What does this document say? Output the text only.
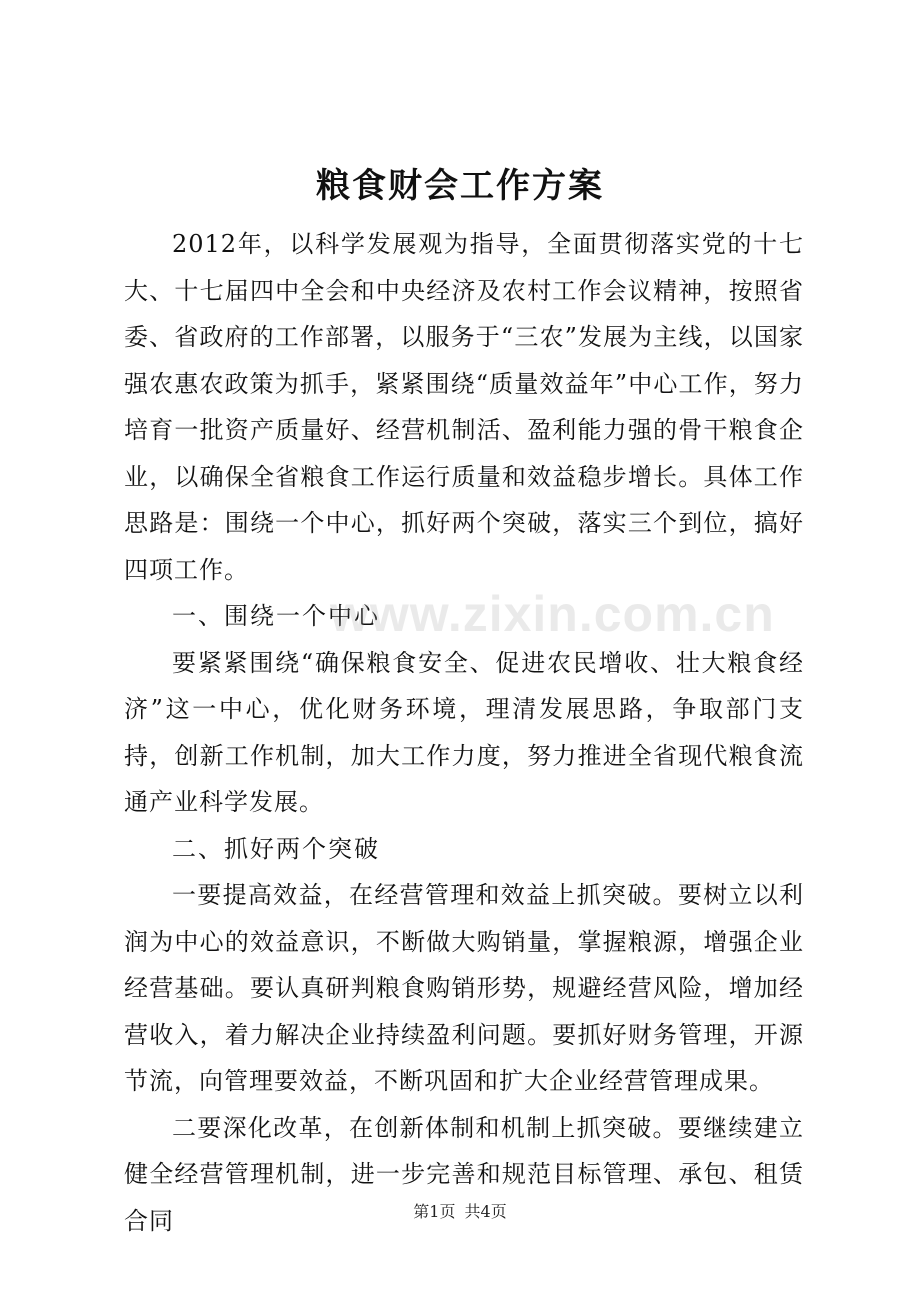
粮食财会工作方案

2012年，以科学发展观为指导，全面贯彻落实党的十七大、十七届四中全会和中央经济及农村工作会议精神，按照省委、省政府的工作部署，以服务于“三农”发展为主线，以国家强农惠农政策为抓手，紧紧围绕“质量效益年”中心工作，努力培育一批资产质量好、经营机制活、盈利能力强的骨干粮食企业，以确保全省粮食工作运行质量和效益稳步增长。具体工作思路是：围绕一个中心，抓好两个突破，落实三个到位，搞好四项工作。

一、围绕一个中心

要紧紧围绕“确保粮食安全、促进农民增收、壮大粮食经济”这一中心，优化财务环境，理清发展思路，争取部门支持，创新工作机制，加大工作力度，努力推进全省现代粮食流通产业科学发展。

二、抓好两个突破

一要提高效益，在经营管理和效益上抓突破。要树立以利润为中心的效益意识，不断做大购销量，掌握粮源，增强企业经营基础。要认真研判粮食购销形势，规避经营风险，增加经营收入，着力解决企业持续盈利问题。要抓好财务管理，开源节流，向管理要效益，不断巩固和扩大企业经营管理成果。

二要深化改革，在创新体制和机制上抓突破。要继续建立健全经营管理机制，进一步完善和规范目标管理、承包、租赁合同

www.zixin.com.cn
第1页 共4页
